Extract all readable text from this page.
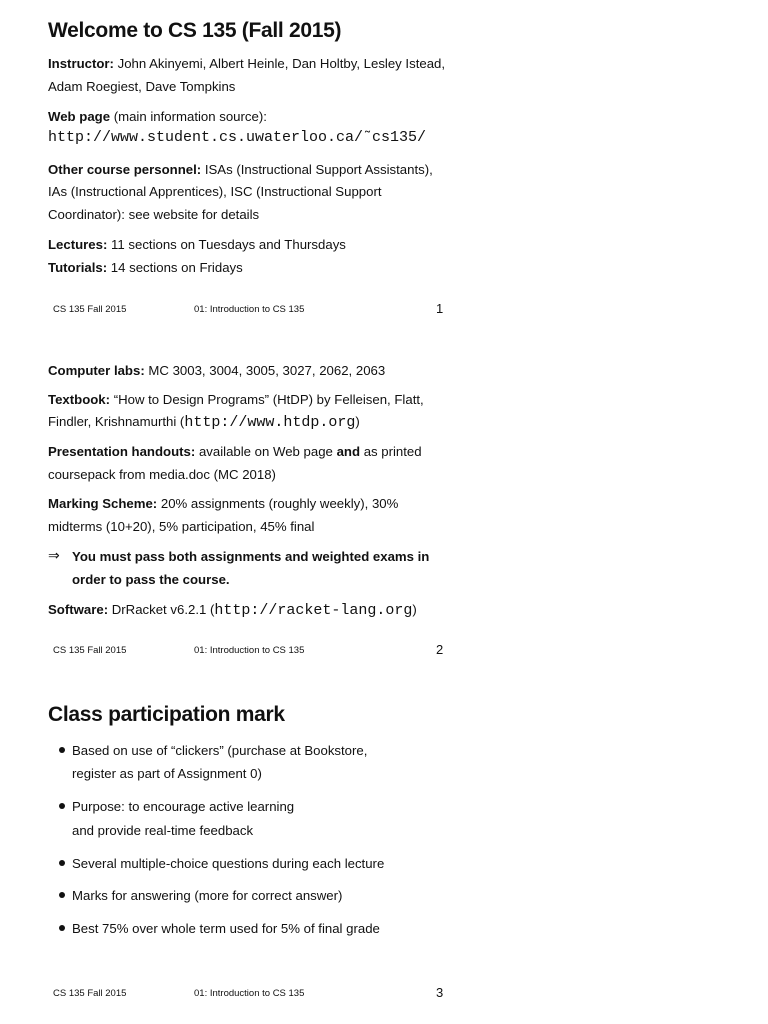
Welcome to CS 135 (Fall 2015)
Instructor: John Akinyemi, Albert Heinle, Dan Holtby, Lesley Istead,
Adam Roegiest, Dave Tompkins
Web page (main information source):
http://www.student.cs.uwaterloo.ca/˜cs135/
Other course personnel: ISAs (Instructional Support Assistants),
IAs (Instructional Apprentices), ISC (Instructional Support
Coordinator): see website for details
Lectures: 11 sections on Tuesdays and Thursdays
Tutorials: 14 sections on Fridays
CS 135 Fall 2015	01: Introduction to CS 135	1
Computer labs: MC 3003, 3004, 3005, 3027, 2062, 2063
Textbook: “How to Design Programs” (HtDP) by Felleisen, Flatt,
Findler, Krishnamurthi (http://www.htdp.org)
Presentation handouts: available on Web page and as printed
coursepack from media.doc (MC 2018)
Marking Scheme: 20% assignments (roughly weekly), 30%
midterms (10+20), 5% participation, 45% final
⇒ You must pass both assignments and weighted exams in
order to pass the course.
Software: DrRacket v6.2.1 (http://racket-lang.org)
CS 135 Fall 2015	01: Introduction to CS 135	2
Class participation mark
Based on use of “clickers” (purchase at Bookstore,
register as part of Assignment 0)
Purpose: to encourage active learning
and provide real-time feedback
Several multiple-choice questions during each lecture
Marks for answering (more for correct answer)
Best 75% over whole term used for 5% of final grade
CS 135 Fall 2015	01: Introduction to CS 135	3
